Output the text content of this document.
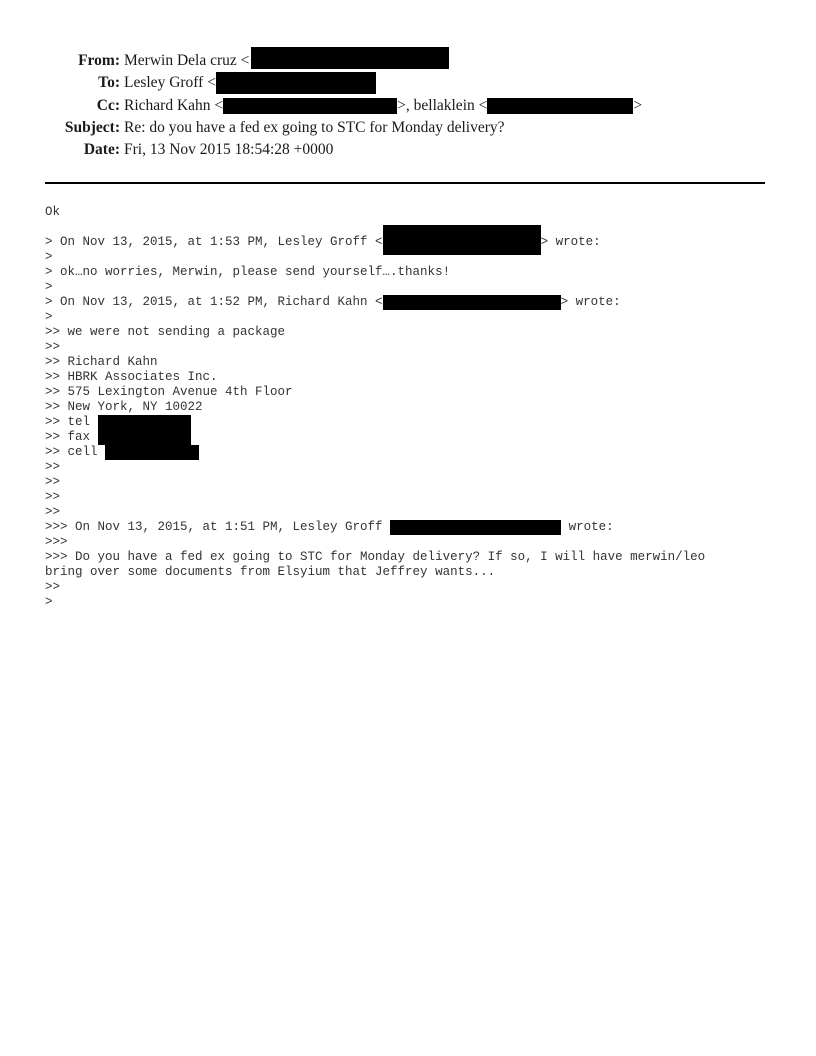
From: Merwin Dela cruz <
To: Lesley Groff <
Cc: Richard Kahn <	>, bellaklein <	>
Subject: Re: do you have a fed ex going to STC for Monday delivery?
Date: Fri, 13 Nov 2015 18:54:28 +0000
Ok
> On Nov 13, 2015, at 1:53 PM, Lesley Groff <	> wrote:
>
> ok…no worries, Merwin, please send yourself….thanks!
>
> On Nov 13, 2015, at 1:52 PM, Richard Kahn <	> wrote:
>
>> we were not sending a package
>>
>> Richard Kahn
>> HBRK Associates Inc.
>> 575 Lexington Avenue 4th Floor
>> New York, NY 10022
>> tel
>> fax
>> cell
>>
>>
>>
>>
>>> On Nov 13, 2015, at 1:51 PM, Lesley Groff	wrote:
>>>
>>> Do you have a fed ex going to STC for Monday delivery? If so, I will have merwin/leo
bring over some documents from Elsyium that Jeffrey wants...
>>
>
